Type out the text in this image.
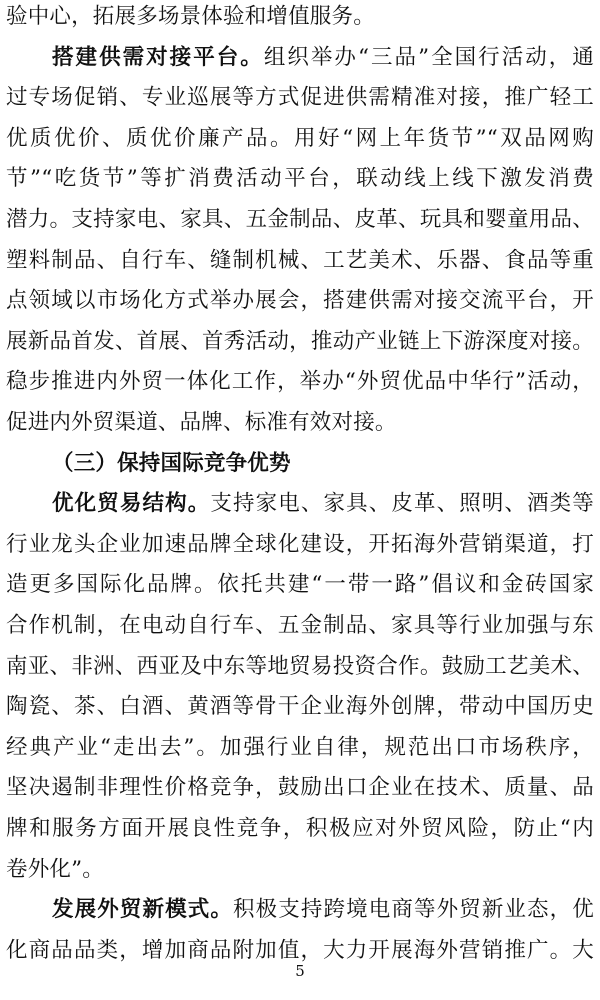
验中心，拓展多场景体验和增值服务。
搭建供需对接平台。组织举办“三品”全国行活动，通
过专场促销、专业巡展等方式促进供需精准对接，推广轻工
优质优价、质优价廉产品。用好“网上年货节”“双品网购
节”“吃货节”等扩消费活动平台，联动线上线下激发消费
潜力。支持家电、家具、五金制品、皮革、玩具和婴童用品、
塑料制品、自行车、缝制机械、工艺美术、乐器、食品等重
点领域以市场化方式举办展会，搭建供需对接交流平台，开
展新品首发、首展、首秀活动，推动产业链上下游深度对接。
稳步推进内外贸一体化工作，举办“外贸优品中华行”活动，
促进内外贸渠道、品牌、标准有效对接。
（三）保持国际竞争优势
优化贸易结构。支持家电、家具、皮革、照明、酒类等
行业龙头企业加速品牌全球化建设，开拓海外营销渠道，打
造更多国际化品牌。依托共建“一带一路”倡议和金砖国家
合作机制，在电动自行车、五金制品、家具等行业加强与东
南亚、非洲、西亚及中东等地贸易投资合作。鼓励工艺美术、
陶瓷、茶、白酒、黄酒等骨干企业海外创牌，带动中国历史
经典产业“走出去”。加强行业自律，规范出口市场秩序，
坚决遏制非理性价格竞争，鼓励出口企业在技术、质量、品
牌和服务方面开展良性竞争，积极应对外贸风险，防止“内
卷外化”。
发展外贸新模式。积极支持跨境电商等外贸新业态，优
化商品品类，增加商品附加值，大力开展海外营销推广。大
5
